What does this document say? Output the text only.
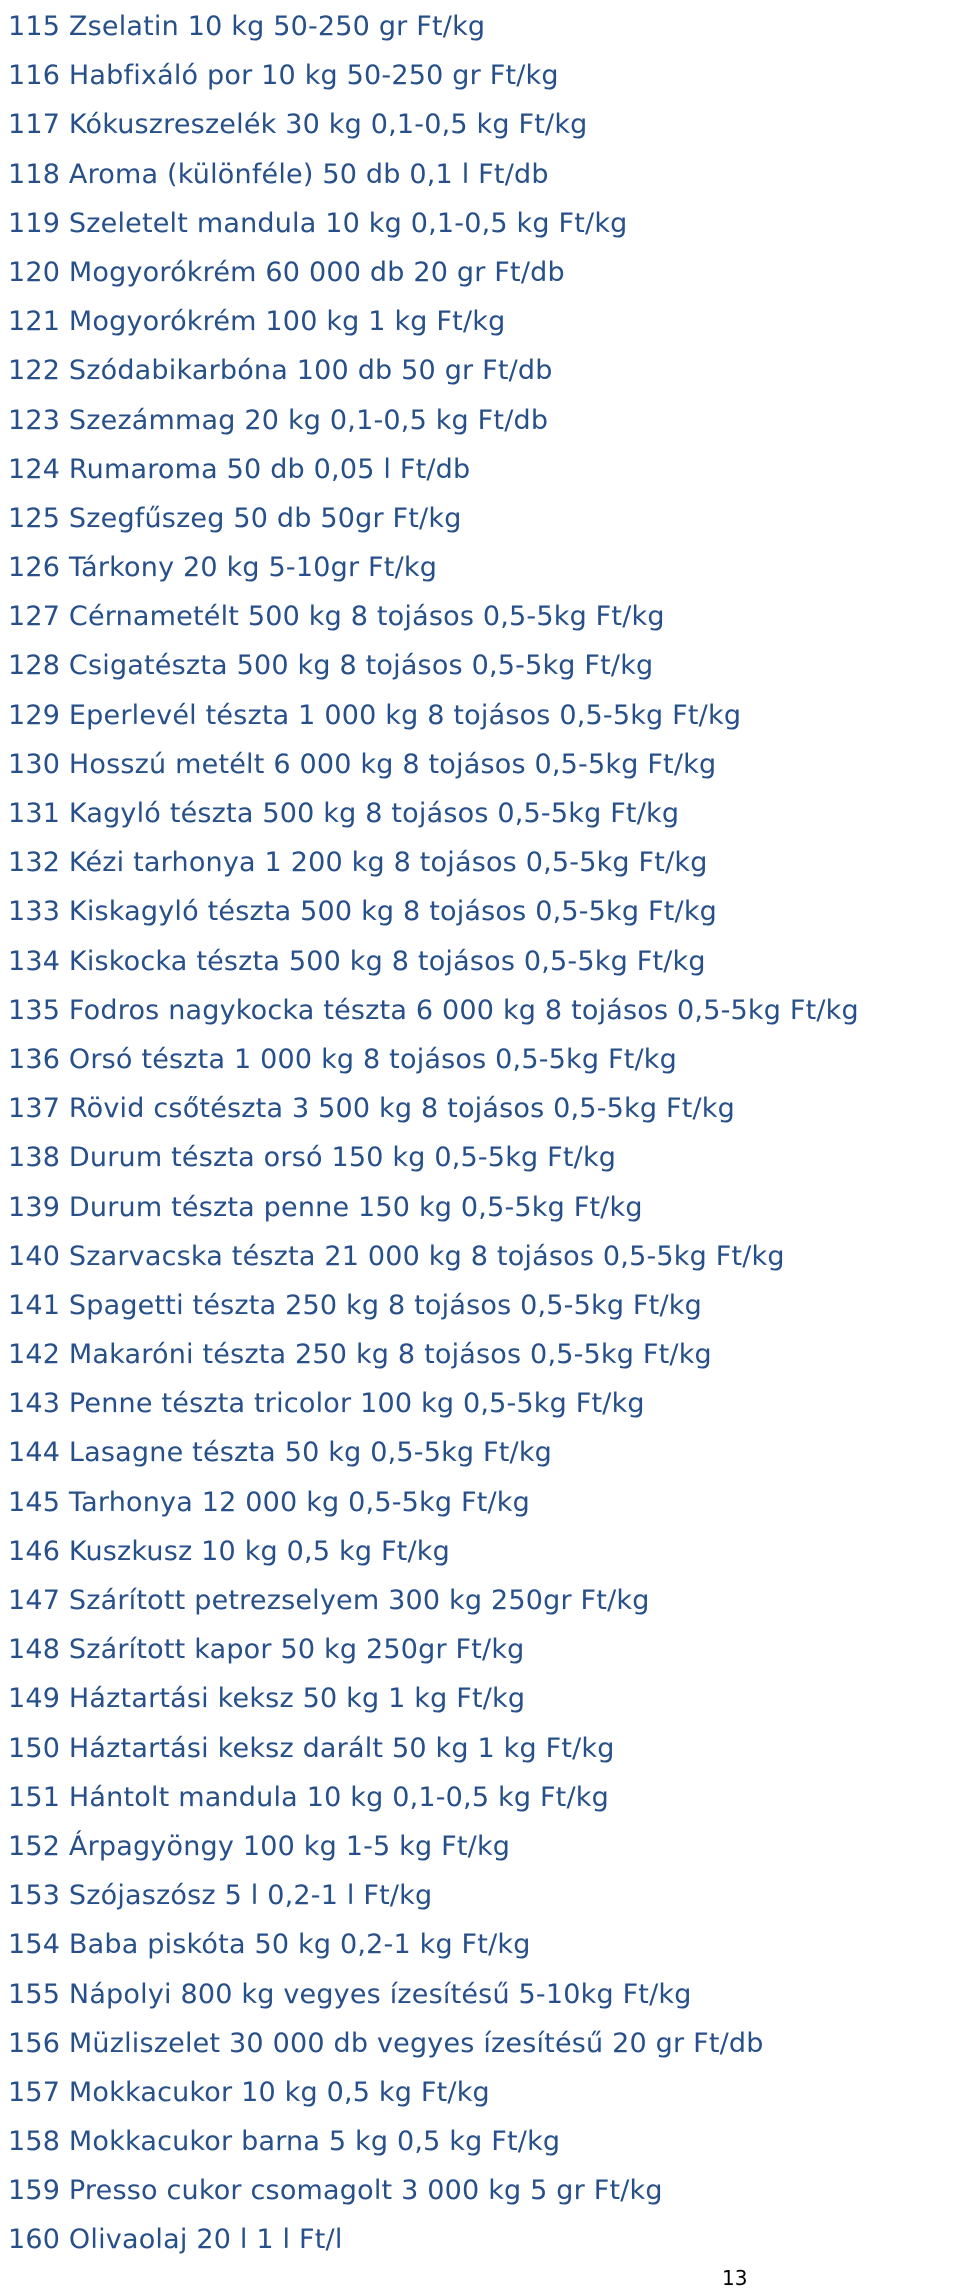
115 Zselatin 10 kg 50-250 gr Ft/kg
116 Habfixáló por 10 kg 50-250 gr Ft/kg
117 Kókuszreszelék 30 kg 0,1-0,5 kg Ft/kg
118 Aroma (különféle) 50 db 0,1 l Ft/db
119 Szeletelt mandula 10 kg 0,1-0,5 kg Ft/kg
120 Mogyorókrém 60 000 db 20 gr Ft/db
121 Mogyorókrém 100 kg 1 kg Ft/kg
122 Szódabikarbóna 100 db 50 gr Ft/db
123 Szezámmag 20 kg 0,1-0,5 kg Ft/db
124 Rumaroma 50 db 0,05 l Ft/db
125 Szegfűszeg 50 db 50gr Ft/kg
126 Tárkony 20 kg 5-10gr Ft/kg
127 Cérnametélt 500 kg 8 tojásos 0,5-5kg Ft/kg
128 Csigatészta 500 kg 8 tojásos 0,5-5kg Ft/kg
129 Eperlevél tészta 1 000 kg 8 tojásos 0,5-5kg Ft/kg
130 Hosszú metélt 6 000 kg 8 tojásos 0,5-5kg Ft/kg
131 Kagyló tészta 500 kg 8 tojásos 0,5-5kg Ft/kg
132 Kézi tarhonya 1 200 kg 8 tojásos 0,5-5kg Ft/kg
133 Kiskagyló tészta 500 kg 8 tojásos 0,5-5kg Ft/kg
134 Kiskocka tészta 500 kg 8 tojásos 0,5-5kg Ft/kg
135 Fodros nagykocka tészta 6 000 kg 8 tojásos 0,5-5kg Ft/kg
136 Orsó tészta 1 000 kg 8 tojásos 0,5-5kg Ft/kg
137 Rövid csőtészta 3 500 kg 8 tojásos 0,5-5kg Ft/kg
138 Durum tészta orsó 150 kg 0,5-5kg Ft/kg
139 Durum tészta penne 150 kg 0,5-5kg Ft/kg
140 Szarvacska tészta 21 000 kg 8 tojásos 0,5-5kg Ft/kg
141 Spagetti tészta 250 kg 8 tojásos 0,5-5kg Ft/kg
142 Makaróni tészta 250 kg 8 tojásos 0,5-5kg Ft/kg
143 Penne tészta tricolor 100 kg 0,5-5kg Ft/kg
144 Lasagne tészta 50 kg 0,5-5kg Ft/kg
145 Tarhonya 12 000 kg 0,5-5kg Ft/kg
146 Kuszkusz 10 kg 0,5 kg Ft/kg
147 Szárított petrezselyem 300 kg 250gr Ft/kg
148 Szárított kapor 50 kg 250gr Ft/kg
149 Háztartási keksz 50 kg 1 kg Ft/kg
150 Háztartási keksz darált 50 kg 1 kg Ft/kg
151 Hántolt mandula 10 kg 0,1-0,5 kg Ft/kg
152 Árpagyöngy 100 kg 1-5 kg Ft/kg
153 Szójaszósz 5 l 0,2-1 l Ft/kg
154 Baba piskóta 50 kg 0,2-1 kg Ft/kg
155 Nápolyi 800 kg vegyes ízesítésű 5-10kg Ft/kg
156 Müzliszelet 30 000 db vegyes ízesítésű 20 gr Ft/db
157 Mokkacukor 10 kg 0,5 kg Ft/kg
158 Mokkacukor barna 5 kg 0,5 kg Ft/kg
159 Presso cukor csomagolt 3 000 kg 5 gr Ft/kg
160 Olivaolaj 20 l 1 l Ft/l
13
